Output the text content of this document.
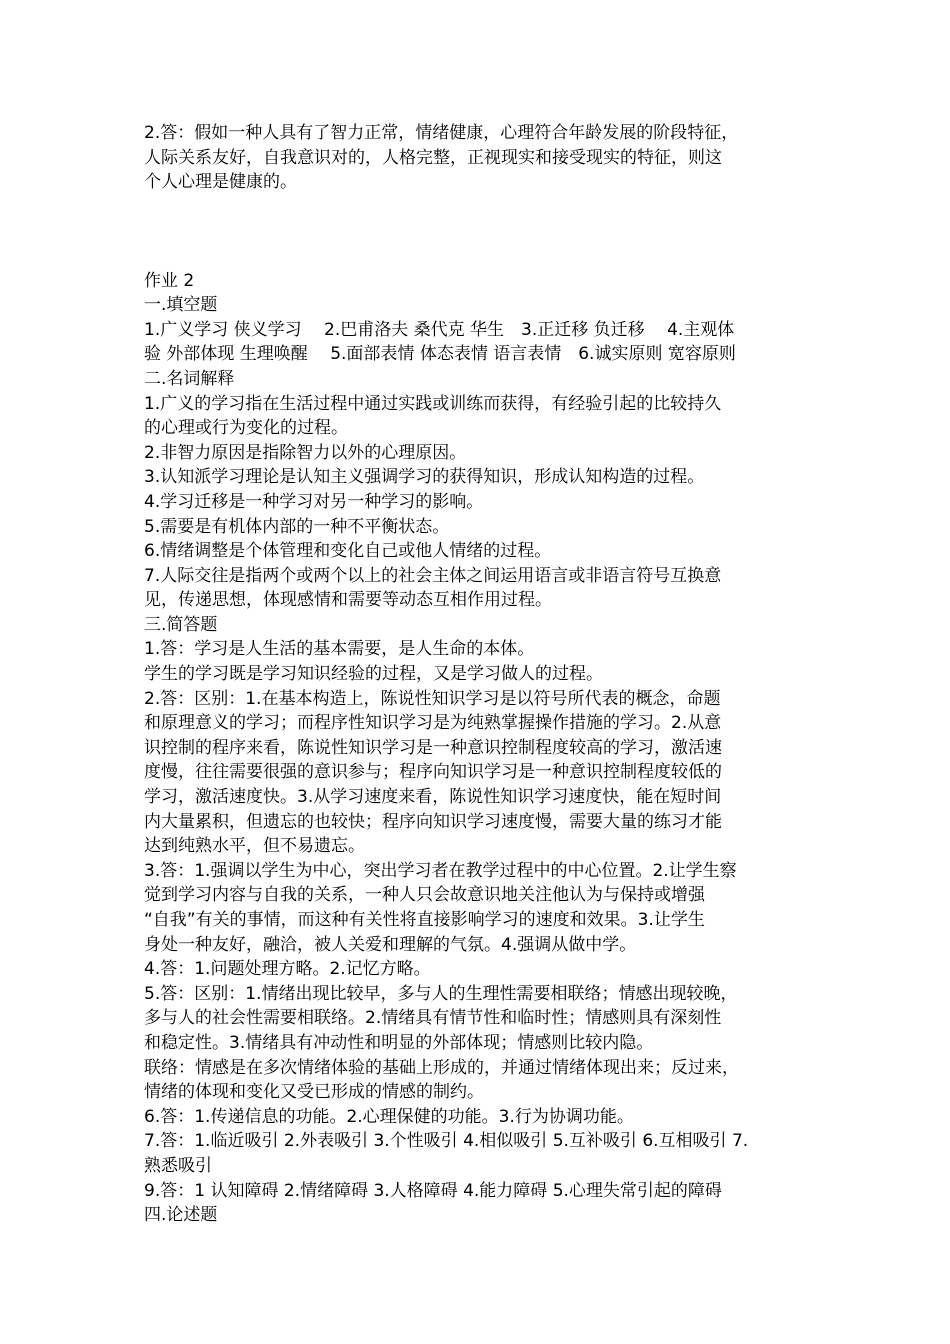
2.答：假如一种人具有了智力正常，情绪健康，心理符合年龄发展的阶段特征，
人际关系友好，自我意识对的，人格完整，正视现实和接受现实的特征，则这
个人心理是健康的。
作业 2
一.填空题
1.广义学习 侠义学习　 2.巴甫洛夫 桑代克 华生　3.正迁移 负迁移　 4.主观体
验 外部体现 生理唤醒　 5.面部表情 体态表情 语言表情　6.诚实原则 宽容原则
二.名词解释
1.广义的学习指在生活过程中通过实践或训练而获得，有经验引起的比较持久
的心理或行为变化的过程。
2.非智力原因是指除智力以外的心理原因。
3.认知派学习理论是认知主义强调学习的获得知识，形成认知构造的过程。
4.学习迁移是一种学习对另一种学习的影响。
5.需要是有机体内部的一种不平衡状态。
6.情绪调整是个体管理和变化自己或他人情绪的过程。
7.人际交往是指两个或两个以上的社会主体之间运用语言或非语言符号互换意
见，传递思想，体现感情和需要等动态互相作用过程。
三.简答题
1.答：学习是人生活的基本需要，是人生命的本体。
学生的学习既是学习知识经验的过程，又是学习做人的过程。
2.答：区别：1.在基本构造上，陈说性知识学习是以符号所代表的概念，命题
和原理意义的学习；而程序性知识学习是为纯熟掌握操作措施的学习。2.从意
识控制的程序来看，陈说性知识学习是一种意识控制程度较高的学习，激活速
度慢，往往需要很强的意识参与；程序向知识学习是一种意识控制程度较低的
学习，激活速度快。3.从学习速度来看，陈说性知识学习速度快，能在短时间
内大量累积，但遗忘的也较快；程序向知识学习速度慢，需要大量的练习才能
达到纯熟水平，但不易遗忘。
3.答：1.强调以学生为中心，突出学习者在教学过程中的中心位置。2.让学生察
觉到学习内容与自我的关系，一种人只会故意识地关注他认为与保持或增强
“自我”有关的事情，而这种有关性将直接影响学习的速度和效果。3.让学生
身处一种友好，融洽，被人关爱和理解的气氛。4.强调从做中学。
4.答：1.问题处理方略。2.记忆方略。
5.答：区别：1.情绪出现比较早，多与人的生理性需要相联络；情感出现较晚，
多与人的社会性需要相联络。2.情绪具有情节性和临时性；情感则具有深刻性
和稳定性。3.情绪具有冲动性和明显的外部体现；情感则比较内隐。
联络：情感是在多次情绪体验的基础上形成的，并通过情绪体现出来；反过来，
情绪的体现和变化又受已形成的情感的制约。
6.答：1.传递信息的功能。2.心理保健的功能。3.行为协调功能。
7.答：1.临近吸引 2.外表吸引 3.个性吸引 4.相似吸引 5.互补吸引 6.互相吸引 7.
熟悉吸引
9.答：1 认知障碍 2.情绪障碍 3.人格障碍 4.能力障碍 5.心理失常引起的障碍
四.论述题
